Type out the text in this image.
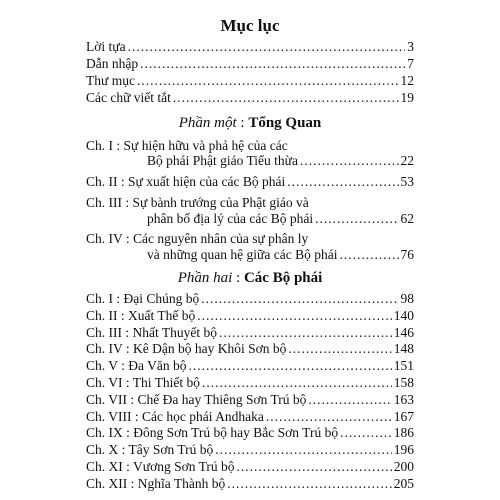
Mục lục
Lời tựa .....	3
Dẫn nhập .....	7
Thư mục .....	12
Các chữ viết tắt .....	19
Phần một : Tổng Quan
Ch. I : Sự hiện hữu và phả hệ của các
Bộ phái Phật giáo Tiểu thừa .....	22
Ch. II : Sự xuất hiện của các Bộ phái .....	53
Ch. III : Sự bành trướng của Phật giáo và
phân bố địa lý của các Bộ phái .....	62
Ch. IV : Các nguyên nhân của sự phân ly
và những quan hệ giữa các Bộ phái .....	76
Phần hai : Các Bộ phái
Ch. I : Đại Chúng bộ .....	98
Ch. II : Xuất Thế bộ .....	140
Ch. III : Nhất Thuyết bộ .....	146
Ch. IV : Kê Dận bộ hay Khôi Sơn bộ .....	148
Ch. V : Đa Văn bộ .....	151
Ch. VI : Thi Thiết bộ .....	158
Ch. VII : Chế Đa hay Thiêng Sơn Trú bộ .....	163
Ch. VIII : Các học phái Andhaka .....	167
Ch. IX : Đông Sơn Trú bộ hay Bắc Sơn Trú bộ .....	186
Ch. X : Tây Sơn Trú bộ .....	196
Ch. XI : Vương Sơn Trú bộ .....	200
Ch. XII : Nghĩa Thành bộ .....	205
